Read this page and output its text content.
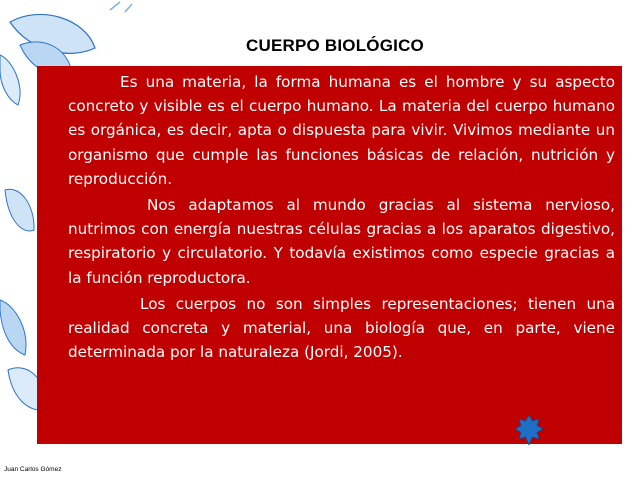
CUERPO BIOLÓGICO

Es una materia, la forma humana es el hombre y su aspecto concreto y visible es el cuerpo humano. La materia del cuerpo humano es orgánica, es decir, apta o dispuesta para vivir. Vivimos mediante un organismo que cumple las funciones básicas de relación, nutrición y reproducción.

Nos adaptamos al mundo gracias al sistema nervioso, nutrimos con energía nuestras células gracias a los aparatos digestivo, respiratorio y circulatorio. Y todavía existimos como especie gracias a la función reproductora.

Los cuerpos no son simples representaciones; tienen una realidad concreta y material, una biología que, en parte, viene determinada por la naturaleza (Jordi, 2005).

Juan Carlos Gómez
